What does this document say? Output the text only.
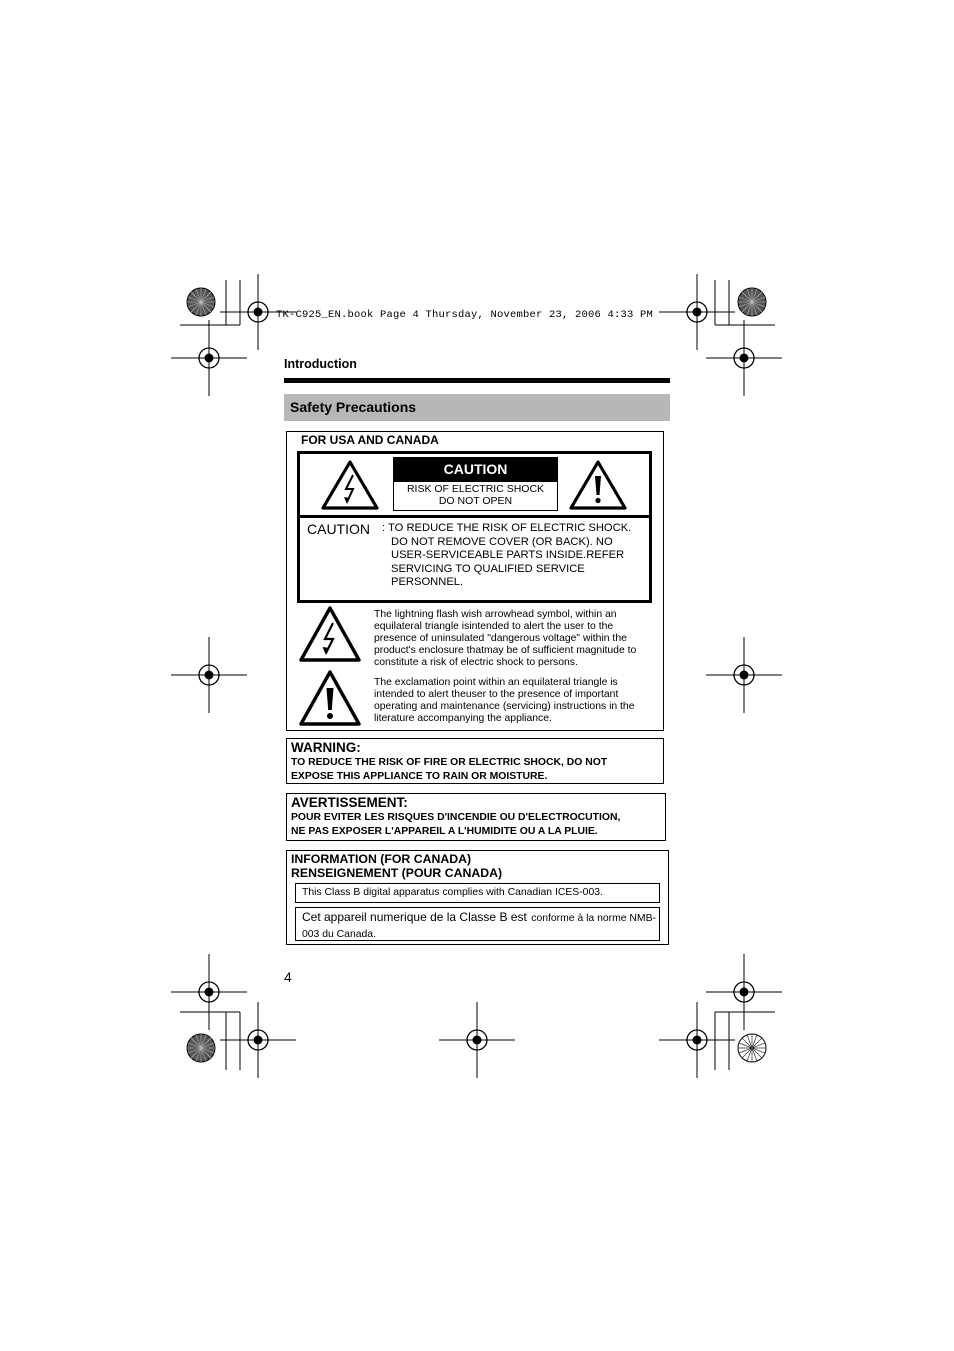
TK-C925_EN.book Page 4 Thursday, November 23, 2006 4:33 PM
Introduction
Safety Precautions
FOR USA AND CANADA
CAUTION
RISK OF ELECTRIC SHOCK
DO NOT OPEN
CAUTION : TO REDUCE THE RISK OF ELECTRIC SHOCK. DO NOT REMOVE COVER (OR BACK). NO USER-SERVICEABLE PARTS INSIDE.REFER SERVICING TO QUALIFIED SERVICE PERSONNEL.
The lightning flash wish arrowhead symbol, within an equilateral triangle isintended to alert the user to the presence of uninsulated "dangerous voltage" within the product's enclosure thatmay be of sufficient magnitude to constitute a risk of electric shock to persons.
The exclamation point within an equilateral triangle is intended to alert theuser to the presence of important operating and maintenance (servicing) instructions in the literature accompanying the appliance.
WARNING:
TO REDUCE THE RISK OF FIRE OR ELECTRIC SHOCK, DO NOT
EXPOSE THIS APPLIANCE TO RAIN OR MOISTURE.
AVERTISSEMENT:
POUR EVITER LES RISQUES D'INCENDIE OU D'ELECTROCUTION,
NE PAS EXPOSER L'APPAREIL A L'HUMIDITE OU A LA PLUIE.
INFORMATION (FOR CANADA)
RENSEIGNEMENT (POUR CANADA)
This Class B digital apparatus complies with Canadian ICES-003.
Cet appareil numerique de la Classe B est conforme à la norme NMB-003 du Canada.
4
